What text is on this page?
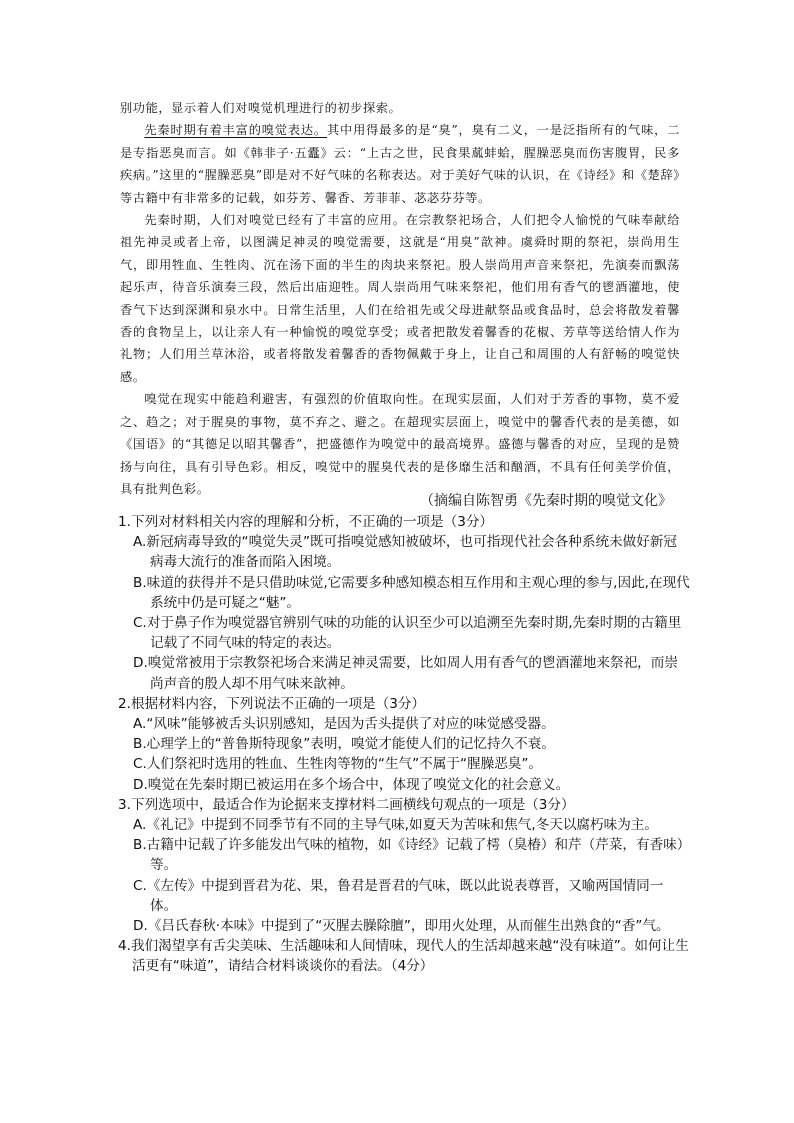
别功能，显示着人们对嗅觉机理进行的初步探索。

先秦时期有着丰富的嗅觉表达。其中用得最多的是“臭”，臭有二义，一是泛指所有的气味，二是专指恶臭而言。如《韩非子·五蠹》云：“上古之世，民食果蓏蚌蛤，腥臊恶臭而伤害腹胃，民多疾病。”这里的“腥臊恶臭”即是对不好气味的名称表达。对于美好气味的认识，在《诗经》和《楚辞》等古籍中有非常多的记载，如芬芳、馨香、芳菲菲、苾苾芬芬等。

先秦时期，人们对嗅觉已经有了丰富的应用。在宗教祭祀场合，人们把令人愉悦的气味奉献给祖先神灵或者上帝，以图满足神灵的嗅觉需要，这就是“用臭”歆神。虞舜时期的祭祀，崇尚用生气，即用牲血、生牲肉、沉在汤下面的半生的肉块来祭祀。殷人崇尚用声音来祭祀，先演奏而飘荡起乐声，待音乐演奏三段，然后出庙迎牲。周人崇尚用气味来祭祀，他们用有香气的鬯酒灌地，使香气下达到深渊和泉水中。日常生活里，人们在给祖先或父母进献祭品或食品时，总会将散发着馨香的食物呈上，以让亲人有一种愉悦的嗅觉享受；或者把散发着馨香的花椒、芳草等送给情人作为礼物；人们用兰草沐浴，或者将散发着馨香的香物佩戴于身上，让自己和周围的人有舒畅的嗅觉快感。

嗅觉在现实中能趋利避害，有强烈的价值取向性。在现实层面，人们对于芳香的事物，莫不爱之、趋之；对于腥臭的事物，莫不弃之、避之。在超现实层面上，嗅觉中的馨香代表的是美德，如《国语》的“其德足以昭其馨香”，把盛德作为嗅觉中的最高境界。盛德与馨香的对应，呈现的是赞扬与向往，具有引导色彩。相反，嗅觉中的腥臭代表的是侈靡生活和酗酒，不具有任何美学价值，具有批判色彩。

（摘编自陈智勇《先秦时期的嗅觉文化》

1.下列对材料相关内容的理解和分析，不正确的一项是（3分）

A.新冠病毒导致的“嗅觉失灵”既可指嗅觉感知被破坏，也可指现代社会各种系统未做好新冠病毒大流行的准备而陷入困境。

B.味道的获得并不是只借助味觉,它需要多种感知模态相互作用和主观心理的参与,因此,在现代系统中仍是可疑之“魅”。

C.对于鼻子作为嗅觉器官辨别气味的功能的认识至少可以追溯至先秦时期,先秦时期的古籍里记载了不同气味的特定的表达。

D.嗅觉常被用于宗教祭祀场合来满足神灵需要，比如周人用有香气的鬯酒灌地来祭祀，而崇尚声音的殷人却不用气味来歆神。

2.根据材料内容，下列说法不正确的一项是（3分）

A.“风味”能够被舌头识别感知，是因为舌头提供了对应的味觉感受器。

B.心理学上的“普鲁斯特现象”表明，嗅觉才能使人们的记忆持久不衰。

C.人们祭祀时选用的牲血、生牲肉等物的“生气”不属于“腥臊恶臭”。

D.嗅觉在先秦时期已被运用在多个场合中，体现了嗅觉文化的社会意义。

3.下列选项中，最适合作为论据来支撑材料二画横线句观点的一项是（3分）

A.《礼记》中提到不同季节有不同的主导气味,如夏天为苦味和焦气,冬天以腐朽味为主。

B.古籍中记载了许多能发出气味的植物，如《诗经》记载了樗（臭椿）和芹（芹菜，有香味）等。

C.《左传》中提到晋君为花、果，鲁君是晋君的气味，既以此说表尊晋，又喻两国情同一体。

D.《吕氏春秋·本味》中提到了“灭腥去臊除膻”，即用火处理，从而催生出熟食的“香”气。

4.我们渴望享有舌尖美味、生活趣味和人间情味，现代人的生活却越来越“没有味道”。如何让生活更有“味道”，请结合材料谈谈你的看法。（4分）
